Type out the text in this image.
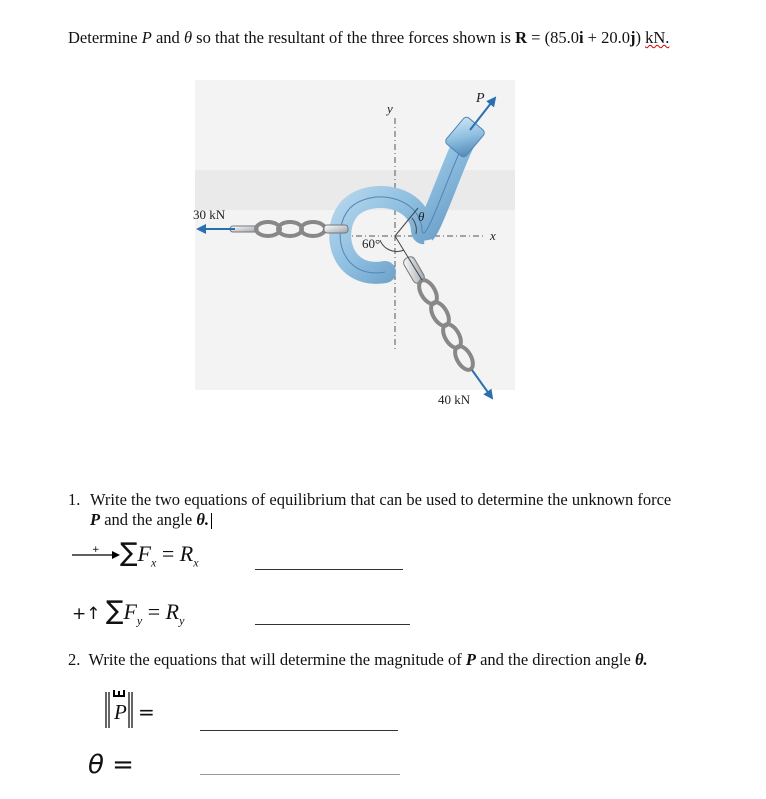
Determine P and θ so that the resultant of the three forces shown is R = (85.0i + 20.0j) kN.
y
P
x
θ
30 kN
60°
40 kN
1. Write the two equations of equilibrium that can be used to determine the unknown force
P and the angle θ.
+ $\sum F_x = R_x$
+↑ $\sum F_y = R_y$
2. Write the equations that will determine the magnitude of P and the direction angle θ.
P =
θ =
